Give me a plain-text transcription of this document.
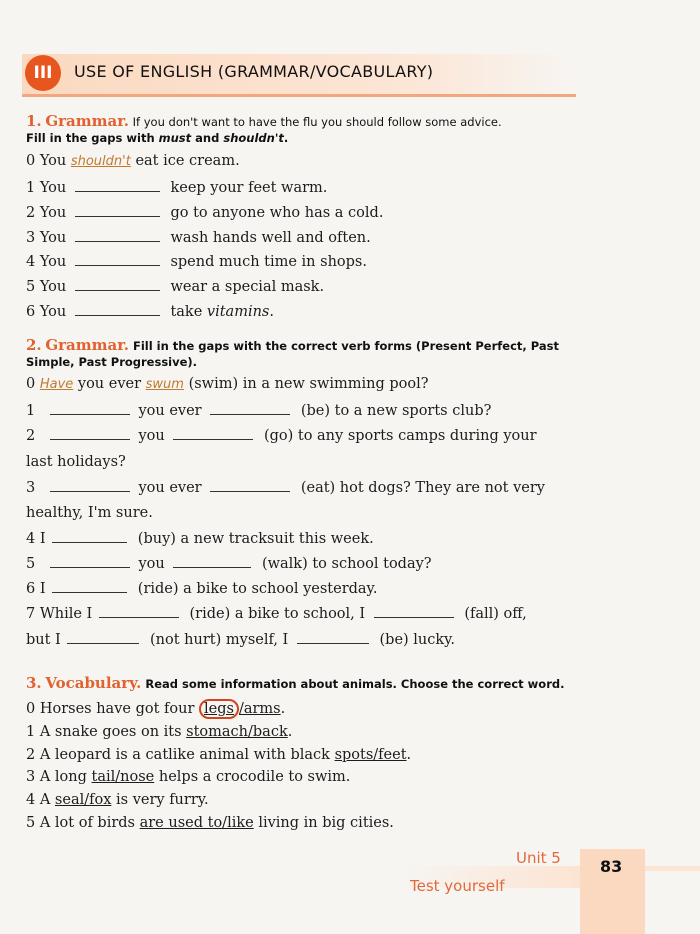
III	USE OF ENGLISH (GRAMMAR/VOCABULARY)
1. Grammar. If you don't want to have the flu you should follow some advice.
Fill in the gaps with must and shouldn't.
0 You shouldn't eat ice cream.
1 You	keep your feet warm.
2 You	go to anyone who has a cold.
3 You	wash hands well and often.
4 You	spend much time in shops.
5 You	wear a special mask.
6 You	take vitamins.
2. Grammar. Fill in the gaps with the correct verb forms (Present Perfect, Past
Simple, Past Progressive).
0 Have you ever swum (swim) in a new swimming pool?
1	you ever	(be) to a new sports club?
2	you	(go) to any sports camps during your
last holidays?
3	you ever	(eat) hot dogs? They are not very
healthy, I'm sure.
4 I	(buy) a new tracksuit this week.
5	you	(walk) to school today?
6 I	(ride) a bike to school yesterday.
7 While I	(ride) a bike to school, I	(fall) off,
but I	(not hurt) myself, I	(be) lucky.
3. Vocabulary. Read some information about animals. Choose the correct word.
0 Horses have got four legs /arms.
1 A snake goes on its stomach/back.
2 A leopard is a catlike animal with black spots/feet.
3 A long tail/nose helps a crocodile to swim.
4 A seal/fox is very furry.
5 A lot of birds are used to/like living in big cities.
Unit 5
Test yourself
83
